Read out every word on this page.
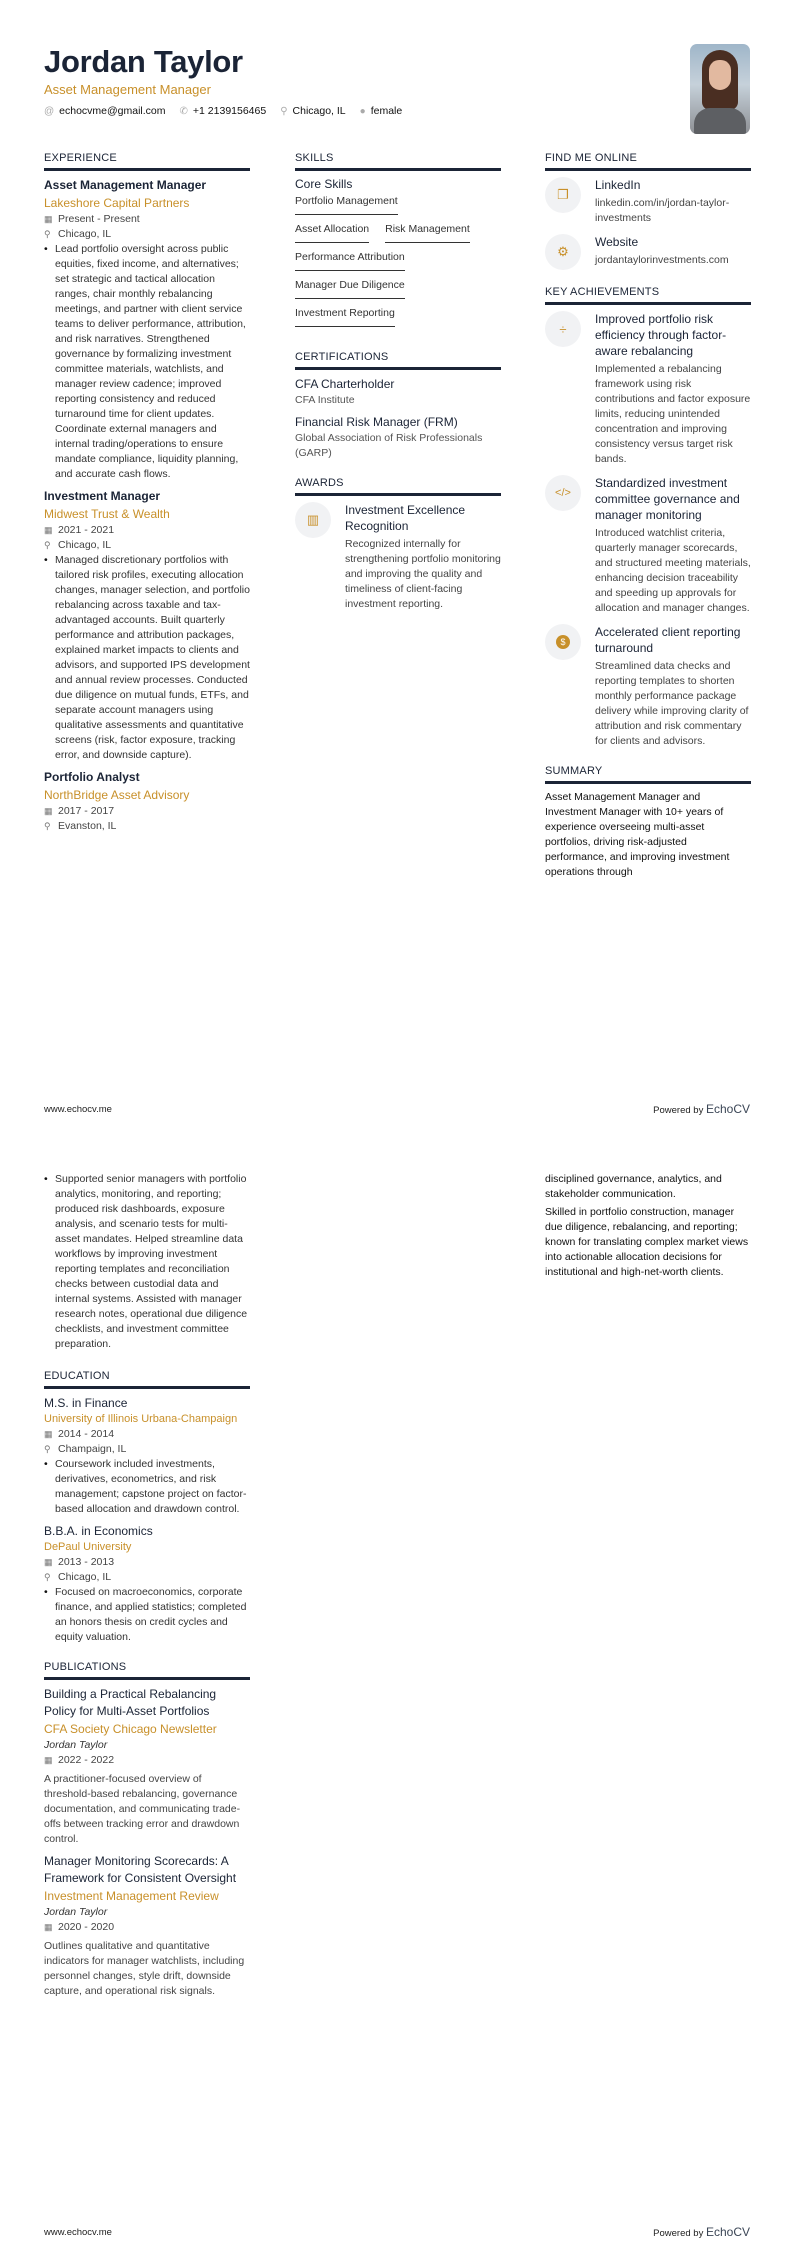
Jordan Taylor
Asset Management Manager
@ echocvme@gmail.com ✆ +1 2139156465 ⚲ Chicago, IL ● female
EXPERIENCE
Asset Management Manager
Lakeshore Capital Partners
▦ Present - Present
⚲ Chicago, IL
• Lead portfolio oversight across public equities, fixed income, and alternatives; set strategic and tactical allocation ranges, chair monthly rebalancing meetings, and partner with client service teams to deliver performance, attribution, and risk narratives. Strengthened governance by formalizing investment committee materials, watchlists, and manager review cadence; improved reporting consistency and reduced turnaround time for client updates. Coordinate external managers and internal trading/operations to ensure mandate compliance, liquidity planning, and accurate cash flows.
Investment Manager
Midwest Trust & Wealth
▦ 2021 - 2021
⚲ Chicago, IL
• Managed discretionary portfolios with tailored risk profiles, executing allocation changes, manager selection, and portfolio rebalancing across taxable and tax-advantaged accounts. Built quarterly performance and attribution packages, explained market impacts to clients and advisors, and supported IPS development and annual review processes. Conducted due diligence on mutual funds, ETFs, and separate account managers using qualitative assessments and quantitative screens (risk, factor exposure, tracking error, and downside capture).
Portfolio Analyst
NorthBridge Asset Advisory
▦ 2017 - 2017
⚲ Evanston, IL
SKILLS
Core Skills
Portfolio Management
Asset Allocation Risk Management
Performance Attribution
Manager Due Diligence
Investment Reporting
CERTIFICATIONS
CFA Charterholder
CFA Institute
Financial Risk Manager (FRM)
Global Association of Risk Professionals (GARP)
AWARDS
▥
Investment Excellence Recognition
Recognized internally for strengthening portfolio monitoring and improving the quality and timeliness of client-facing investment reporting.
FIND ME ONLINE
❐
LinkedIn
linkedin.com/in/jordan-taylor-investments
⚙
Website
jordantaylorinvestments.com
KEY ACHIEVEMENTS
÷
Improved portfolio risk efficiency through factor-aware rebalancing
Implemented a rebalancing framework using risk contributions and factor exposure limits, reducing unintended concentration and improving consistency versus target risk bands.
</>
Standardized investment committee governance and manager monitoring
Introduced watchlist criteria, quarterly manager scorecards, and structured meeting materials, enhancing decision traceability and speeding up approvals for allocation and manager changes.
$
Accelerated client reporting turnaround
Streamlined data checks and reporting templates to shorten monthly performance package delivery while improving clarity of attribution and risk commentary for clients and advisors.
SUMMARY
Asset Management Manager and Investment Manager with 10+ years of experience overseeing multi-asset portfolios, driving risk-adjusted performance, and improving investment operations through
www.echocv.me	Powered by EchoCV
• Supported senior managers with portfolio analytics, monitoring, and reporting; produced risk dashboards, exposure analysis, and scenario tests for multi-asset mandates. Helped streamline data workflows by improving investment reporting templates and reconciliation checks between custodial data and internal systems. Assisted with manager research notes, operational due diligence checklists, and investment committee preparation.
EDUCATION
M.S. in Finance
University of Illinois Urbana-Champaign
▦ 2014 - 2014
⚲ Champaign, IL
• Coursework included investments, derivatives, econometrics, and risk management; capstone project on factor-based allocation and drawdown control.
B.B.A. in Economics
DePaul University
▦ 2013 - 2013
⚲ Chicago, IL
• Focused on macroeconomics, corporate finance, and applied statistics; completed an honors thesis on credit cycles and equity valuation.
PUBLICATIONS
Building a Practical Rebalancing Policy for Multi-Asset Portfolios
CFA Society Chicago Newsletter
Jordan Taylor
▦ 2022 - 2022
A practitioner-focused overview of threshold-based rebalancing, governance documentation, and communicating trade-offs between tracking error and drawdown control.
Manager Monitoring Scorecards: A Framework for Consistent Oversight
Investment Management Review
Jordan Taylor
▦ 2020 - 2020
Outlines qualitative and quantitative indicators for manager watchlists, including personnel changes, style drift, downside capture, and operational risk signals.
disciplined governance, analytics, and stakeholder communication.
Skilled in portfolio construction, manager due diligence, rebalancing, and reporting; known for translating complex market views into actionable allocation decisions for institutional and high-net-worth clients.
www.echocv.me	Powered by EchoCV
